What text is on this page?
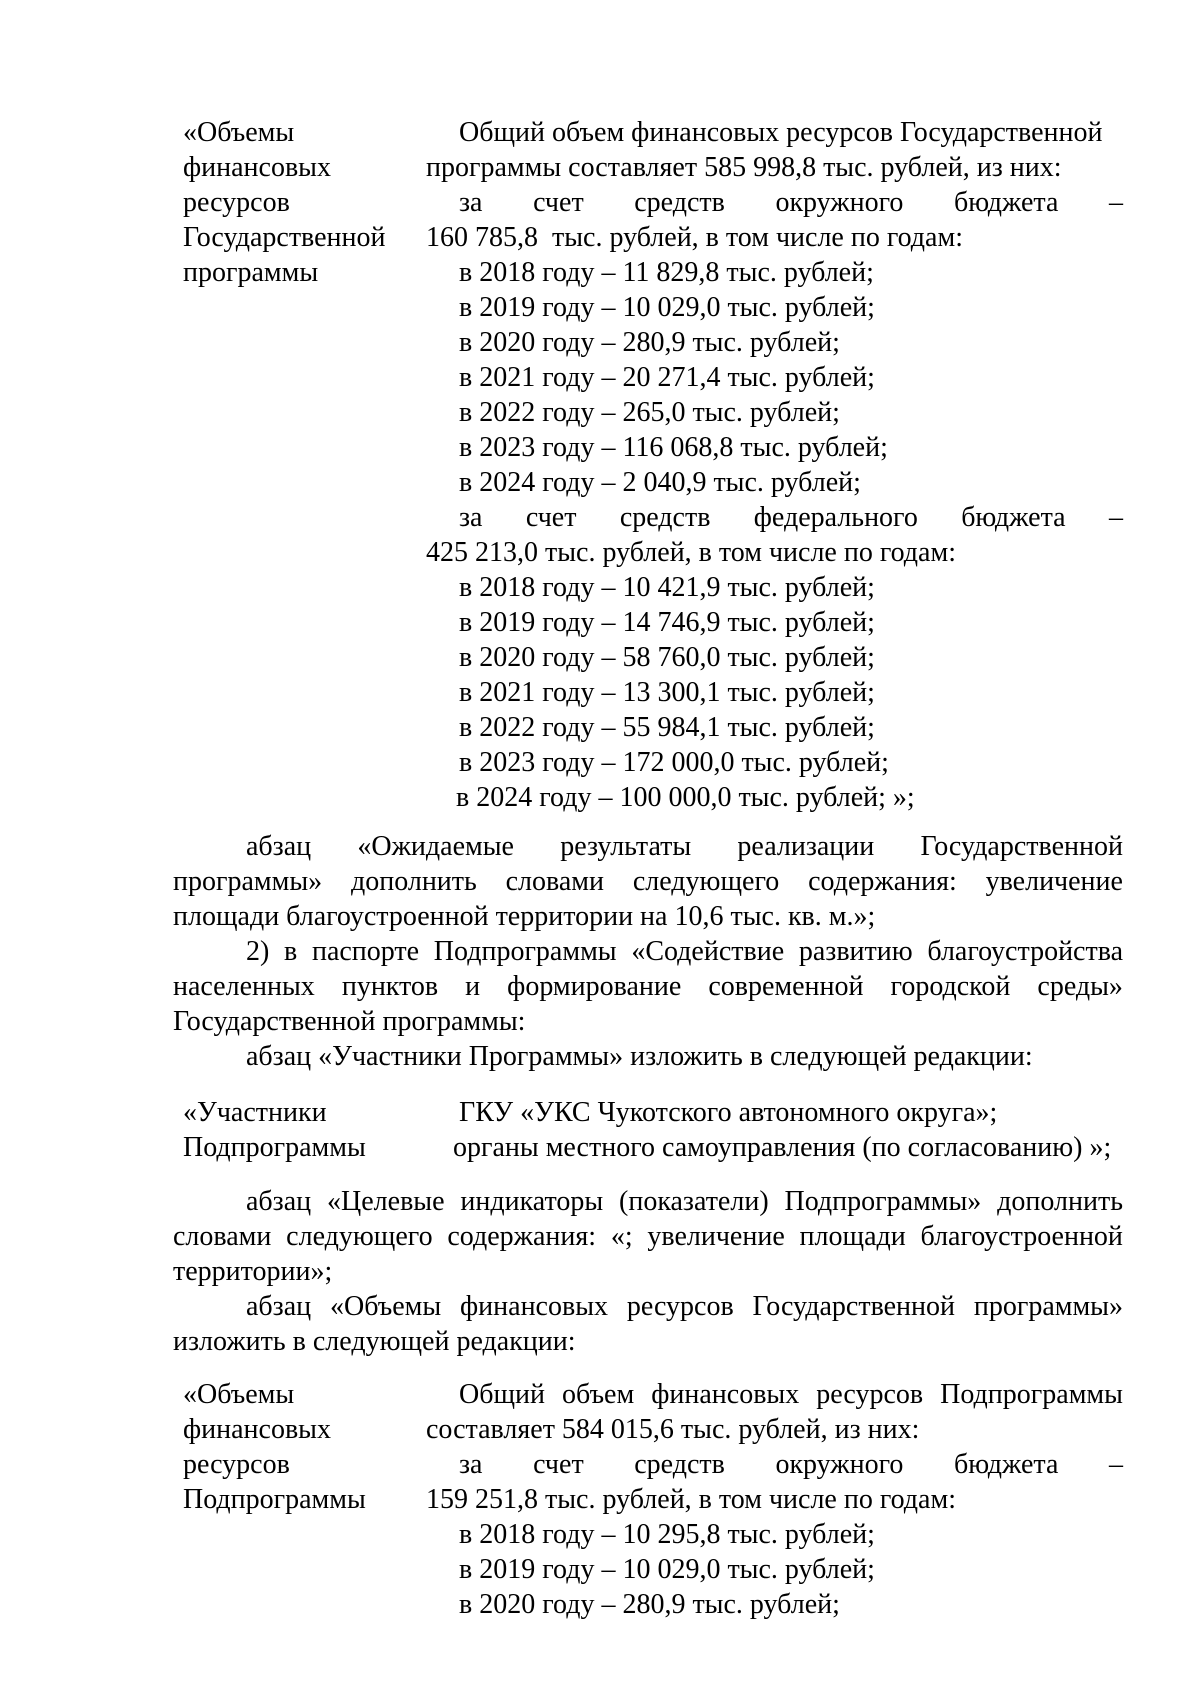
«Объемы
финансовых
ресурсов
Государственной
программы
Общий объем финансовых ресурсов Государственной
программы составляет 585 998,8 тыс. рублей, из них:
за счет средств окружного бюджета –
160 785,8  тыс. рублей, в том числе по годам:
в 2018 году – 11 829,8 тыс. рублей;
в 2019 году – 10 029,0 тыс. рублей;
в 2020 году – 280,9 тыс. рублей;
в 2021 году – 20 271,4 тыс. рублей;
в 2022 году – 265,0 тыс. рублей;
в 2023 году – 116 068,8 тыс. рублей;
в 2024 году – 2 040,9 тыс. рублей;
за счет средств федерального бюджета –
425 213,0 тыс. рублей, в том числе по годам:
в 2018 году – 10 421,9 тыс. рублей;
в 2019 году – 14 746,9 тыс. рублей;
в 2020 году – 58 760,0 тыс. рублей;
в 2021 году – 13 300,1 тыс. рублей;
в 2022 году – 55 984,1 тыс. рублей;
в 2023 году – 172 000,0 тыс. рублей;
в 2024 году – 100 000,0 тыс. рублей; »;
абзац «Ожидаемые результаты реализации Государственной
программы» дополнить словами следующего содержания: увеличение
площади благоустроенной территории на 10,6 тыс. кв. м.»;
2) в паспорте Подпрограммы «Содействие развитию благоустройства
населенных пунктов и формирование современной городской среды»
Государственной программы:
абзац «Участники Программы» изложить в следующей редакции:
«Участники
Подпрограммы
ГКУ «УКС Чукотского автономного округа»;
органы местного самоуправления (по согласованию) »;
абзац «Целевые индикаторы (показатели) Подпрограммы» дополнить
словами следующего содержания: «; увеличение площади благоустроенной
территории»;
абзац «Объемы финансовых ресурсов Государственной программы»
изложить в следующей редакции:
«Объемы
финансовых
ресурсов
Подпрограммы
Общий объем финансовых ресурсов Подпрограммы
составляет 584 015,6 тыс. рублей, из них:
за счет средств окружного бюджета –
159 251,8 тыс. рублей, в том числе по годам:
в 2018 году – 10 295,8 тыс. рублей;
в 2019 году – 10 029,0 тыс. рублей;
в 2020 году – 280,9 тыс. рублей;
